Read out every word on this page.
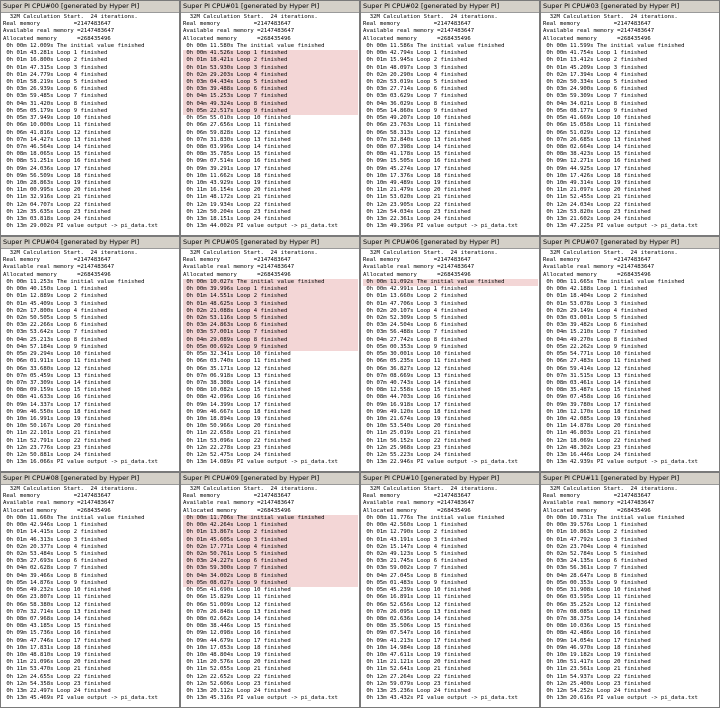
Super PI CPU#00 [generated by Hyper PI]
32M Calculation Start.  24 iterations.
Real memory          =2147483647
Available real memory =2147483647
Allocated memory      =268435496
0h 00m 12.009s The initial value finished
0h 01m 43.281s Loop 1 finished
0h 01m 16.800s Loop 2 finished
0h 01m 47.315s Loop 3 finished
0h 01m 24.779s Loop 4 finished
0h 01m 58.219s Loop 5 finished
0h 03m 26.939s Loop 6 finished
0h 03m 59.485s Loop 7 finished
0h 04m 31.420s Loop 8 finished
0h 05m 05.179s Loop 9 finished
0h 05m 37.949s Loop 10 finished
0h 06m 10.000s Loop 11 finished
0h 06m 41.816s Loop 12 finished
0h 07m 14.427s Loop 13 finished
0h 07m 46.564s Loop 14 finished
0h 08m 18.065s Loop 15 finished
0h 08m 51.251s Loop 16 finished
0h 09m 24.036s Loop 17 finished
0h 09m 56.509s Loop 18 finished
0h 10m 28.863s Loop 19 finished
0h 11m 00.995s Loop 20 finished
0h 11m 32.916s Loop 21 finished
0h 12m 04.707s Loop 22 finished
0h 12m 35.635s Loop 23 finished
0h 13m 03.818s Loop 24 finished
0h 13m 29.002s PI value output -> pi_data.txt
Super PI CPU#01 [generated by Hyper PI]
32M Calculation Start.  24 iterations.
Real memory          =2147483647
Available real memory =2147483647
Allocated memory      =268435496
0h 00m 11.580s The initial value finished
0h 00m 41.526s Loop 1 finished
0h 01m 18.421s Loop 2 finished
0h 01m 53.930s Loop 3 finished
0h 02m 29.203s Loop 4 finished
0h 03m 04.434s Loop 5 finished
0h 03m 39.488s Loop 6 finished
0h 04m 15.253s Loop 7 finished
0h 04m 49.324s Loop 8 finished
0h 05m 22.517s Loop 9 finished
0h 05m 55.010s Loop 10 finished
0h 06m 27.656s Loop 11 finished
0h 06m 59.828s Loop 12 finished
0h 07m 31.830s Loop 13 finished
0h 08m 03.996s Loop 14 finished
0h 08m 35.785s Loop 15 finished
0h 09m 07.514s Loop 16 finished
0h 09m 39.291s Loop 17 finished
0h 10m 11.662s Loop 18 finished
0h 10m 43.929s Loop 19 finished
0h 11m 16.154s Loop 20 finished
0h 11m 48.172s Loop 21 finished
0h 12m 19.934s Loop 22 finished
0h 12m 50.204s Loop 23 finished
0h 13m 18.151s Loop 24 finished
0h 13m 44.002s PI value output -> pi_data.txt
Super PI CPU#02 [generated by Hyper PI]
32M Calculation Start.  24 iterations.
Real memory          =2147483647
Available real memory =2147483647
Allocated memory      =268435496
0h 00m 11.586s The initial value finished
0h 00m 42.794s Loop 1 finished
0h 01m 15.945s Loop 2 finished
0h 01m 48.097s Loop 3 finished
0h 02m 20.290s Loop 4 finished
0h 02m 53.019s Loop 5 finished
0h 03m 27.714s Loop 6 finished
0h 03m 03.629s Loop 7 finished
0h 04m 36.029s Loop 8 finished
0h 05m 14.860s Loop 9 finished
0h 05m 49.207s Loop 10 finished
0h 06m 23.763s Loop 11 finished
0h 06m 58.313s Loop 12 finished
0h 07m 32.840s Loop 13 finished
0h 08m 07.398s Loop 14 finished
0h 08m 41.178s Loop 15 finished
0h 09m 15.505s Loop 16 finished
0h 09m 45.274s Loop 17 finished
0h 10m 17.376s Loop 18 finished
0h 10m 49.489s Loop 19 finished
0h 11m 21.479s Loop 20 finished
0h 11m 53.020s Loop 21 finished
0h 12m 23.905s Loop 22 finished
0h 12m 54.034s Loop 23 finished
0h 13m 22.361s Loop 24 finished
0h 13m 49.396s PI value output -> pi_data.txt
Super PI CPU#03 [generated by Hyper PI]
32M Calculation Start.  24 iterations.
Real memory          =2147483647
Available real memory =2147483647
Allocated memory      =268435496
0h 00m 11.599s The initial value finished
0h 00m 41.754s Loop 1 finished
0h 01m 13.412s Loop 2 finished
0h 01m 45.209s Loop 3 finished
0h 02m 17.394s Loop 4 finished
0h 02m 50.334s Loop 5 finished
0h 03m 24.900s Loop 6 finished
0h 03m 59.309s Loop 7 finished
0h 04m 34.021s Loop 8 finished
0h 05m 08.177s Loop 9 finished
0h 05m 41.669s Loop 10 finished
0h 06m 15.058s Loop 11 finished
0h 06m 51.029s Loop 12 finished
0h 07m 26.685s Loop 13 finished
0h 08m 02.664s Loop 14 finished
0h 08m 38.423s Loop 15 finished
0h 09m 12.271s Loop 16 finished
0h 09m 44.925s Loop 17 finished
0h 10m 17.426s Loop 18 finished
0h 10m 49.314s Loop 19 finished
0h 11m 21.097s Loop 20 finished
0h 11m 52.455s Loop 21 finished
0h 12m 24.034s Loop 22 finished
0h 12m 53.820s Loop 23 finished
0h 13m 21.602s Loop 24 finished
0h 13m 47.225s PI value output -> pi_data.txt
Super PI CPU#04 [generated by Hyper PI]
32M Calculation Start.  24 iterations.
Real memory          =2147483647
Available real memory =2147483647
Allocated memory      =268435496
0h 00m 11.253s The initial value finished
0h 00m 40.150s Loop 1 finished
0h 01m 12.889s Loop 2 finished
0h 01m 45.409s Loop 3 finished
0h 02m 17.800s Loop 4 finished
0h 02m 50.505s Loop 5 finished
0h 03m 22.266s Loop 6 finished
0h 03m 53.642s Loop 7 finished
0h 04m 25.213s Loop 8 finished
0h 04m 57.184s Loop 9 finished
0h 05m 29.294s Loop 10 finished
0h 06m 01.911s Loop 11 finished
0h 06m 33.680s Loop 12 finished
0h 07m 05.459s Loop 13 finished
0h 07m 37.309s Loop 14 finished
0h 08m 09.159s Loop 15 finished
0h 08m 41.633s Loop 16 finished
0h 09m 14.337s Loop 17 finished
0h 09m 46.550s Loop 18 finished
0h 10m 16.991s Loop 19 finished
0h 10m 50.167s Loop 20 finished
0h 11m 22.101s Loop 21 finished
0h 11m 52.791s Loop 22 finished
0h 12m 23.776s Loop 23 finished
0h 12m 50.881s Loop 24 finished
0h 13m 16.066s PI value output -> pi_data.txt
Super PI CPU#05 [generated by Hyper PI]
32M Calculation Start.  24 iterations.
Real memory          =2147483647
Available real memory =2147483647
Allocated memory      =268435496
0h 00m 10.027s The initial value finished
0h 00m 39.996s Loop 1 finished
0h 01m 14.551s Loop 2 finished
0h 01m 48.625s Loop 3 finished
0h 02m 21.088s Loop 4 finished
0h 02m 53.116s Loop 5 finished
0h 03m 24.863s Loop 6 finished
0h 03m 57.001s Loop 7 finished
0h 04m 29.089s Loop 8 finished
0h 05m 00.692s Loop 9 finished
0h 05m 32.341s Loop 10 finished
0h 06m 03.740s Loop 11 finished
0h 06m 35.171s Loop 12 finished
0h 07m 06.918s Loop 13 finished
0h 07m 38.308s Loop 14 finished
0h 08m 10.082s Loop 15 finished
0h 08m 42.096s Loop 16 finished
0h 09m 14.399s Loop 17 finished
0h 09m 46.667s Loop 18 finished
0h 10m 18.894s Loop 19 finished
0h 10m 50.966s Loop 20 finished
0h 11m 22.658s Loop 21 finished
0h 11m 53.096s Loop 22 finished
0h 12m 22.278s Loop 23 finished
0h 12m 52.475s Loop 24 finished
0h 13m 14.089s PI value output -> pi_data.txt
Super PI CPU#06 [generated by Hyper PI]
32M Calculation Start.  24 iterations.
Real memory          =2147483647
Available real memory =2147483647
Allocated memory      =268435496
0h 00m 11.092s The initial value finished
0h 00m 42.991s Loop 1 finished
0h 01m 13.660s Loop 2 finished
0h 01m 47.706s Loop 3 finished
0h 02m 20.107s Loop 4 finished
0h 02m 52.309s Loop 5 finished
0h 03m 24.504s Loop 6 finished
0h 03m 56.488s Loop 7 finished
0h 04m 27.742s Loop 8 finished
0h 05m 00.353s Loop 9 finished
0h 05m 30.001s Loop 10 finished
0h 06m 05.235s Loop 11 finished
0h 06m 36.827s Loop 12 finished
0h 07m 08.669s Loop 13 finished
0h 07m 40.743s Loop 14 finished
0h 08m 12.558s Loop 15 finished
0h 08m 44.703s Loop 16 finished
0h 09m 16.918s Loop 17 finished
0h 09m 49.120s Loop 18 finished
0h 10m 21.674s Loop 19 finished
0h 10m 53.540s Loop 20 finished
0h 11m 25.019s Loop 21 finished
0h 11m 56.152s Loop 22 finished
0h 12m 25.968s Loop 23 finished
0h 12m 55.223s Loop 24 finished
0h 13m 22.946s PI value output -> pi_data.txt
Super PI CPU#07 [generated by Hyper PI]
32M Calculation Start.  24 iterations.
Real memory          =2147483647
Available real memory =2147483647
Allocated memory      =268435496
0h 00m 11.665s The initial value finished
0h 00m 42.188s Loop 1 finished
0h 01m 18.404s Loop 2 finished
0h 01m 53.078s Loop 3 finished
0h 02m 29.149s Loop 4 finished
0h 03m 03.001s Loop 5 finished
0h 03m 39.482s Loop 6 finished
0h 04m 15.210s Loop 7 finished
0h 04m 49.270s Loop 8 finished
0h 05m 22.262s Loop 9 finished
0h 05m 54.771s Loop 10 finished
0h 06m 27.483s Loop 11 finished
0h 06m 59.414s Loop 12 finished
0h 07m 31.515s Loop 13 finished
0h 08m 03.461s Loop 14 finished
0h 08m 35.487s Loop 15 finished
0h 09m 07.458s Loop 16 finished
0h 09m 39.780s Loop 17 finished
0h 10m 12.170s Loop 18 finished
0h 10m 42.085s Loop 19 finished
0h 11m 14.878s Loop 20 finished
0h 11m 46.803s Loop 21 finished
0h 12m 18.069s Loop 22 finished
0h 12m 48.302s Loop 23 finished
0h 13m 16.446s Loop 24 finished
0h 13m 42.939s PI value output -> pi_data.txt
Super PI CPU#08 [generated by Hyper PI]
32M Calculation Start.  24 iterations.
Real memory          =2147483647
Available real memory =2147483647
Allocated memory      =268435496
0h 00m 11.660s The initial value finished
0h 00m 42.946s Loop 1 finished
0h 01m 14.415s Loop 2 finished
0h 01m 46.313s Loop 3 finished
0h 02m 20.377s Loop 4 finished
0h 02m 53.484s Loop 5 finished
0h 03m 27.693s Loop 6 finished
0h 04m 02.628s Loop 7 finished
0h 04m 39.466s Loop 8 finished
0h 05m 14.876s Loop 9 finished
0h 05m 49.232s Loop 10 finished
0h 06m 23.807s Loop 11 finished
0h 06m 58.380s Loop 12 finished
0h 07m 32.714s Loop 13 finished
0h 08m 07.968s Loop 14 finished
0h 08m 43.185s Loop 15 finished
0h 09m 15.736s Loop 16 finished
0h 09m 47.746s Loop 17 finished
0h 10m 17.831s Loop 18 finished
0h 10m 48.810s Loop 19 finished
0h 11m 21.096s Loop 20 finished
0h 11m 53.470s Loop 21 finished
0h 12m 24.655s Loop 22 finished
0h 12m 54.358s Loop 23 finished
0h 13m 22.497s Loop 24 finished
0h 13m 45.469s PI value output -> pi_data.txt
Super PI CPU#09 [generated by Hyper PI]
32M Calculation Start.  24 iterations.
Real memory          =2147483647
Available real memory =2147483647
Allocated memory      =268435496
0h 00m 11.706s The initial value finished
0h 00m 42.264s Loop 1 finished
0h 01m 13.867s Loop 2 finished
0h 01m 45.605s Loop 3 finished
0h 02m 17.771s Loop 4 finished
0h 02m 50.761s Loop 5 finished
0h 03m 24.227s Loop 6 finished
0h 03m 59.300s Loop 7 finished
0h 04m 34.002s Loop 8 finished
0h 05m 08.027s Loop 9 finished
0h 05m 41.690s Loop 10 finished
0h 06m 15.829s Loop 11 finished
0h 06m 51.009s Loop 12 finished
0h 07m 26.848s Loop 13 finished
0h 08m 02.662s Loop 14 finished
0h 08m 38.446s Loop 15 finished
0h 09m 12.098s Loop 16 finished
0h 09m 44.679s Loop 17 finished
0h 10m 17.053s Loop 18 finished
0h 10m 48.804s Loop 19 finished
0h 11m 20.576s Loop 20 finished
0h 11m 52.055s Loop 21 finished
0h 12m 22.652s Loop 22 finished
0h 12m 52.606s Loop 23 finished
0h 13m 20.112s Loop 24 finished
0h 13m 45.316s PI value output -> pi_data.txt
Super PI CPU#10 [generated by Hyper PI]
32M Calculation Start.  24 iterations.
Real memory          =2147483647
Available real memory =2147483647
Allocated memory      =268435496
0h 00m 11.776s The initial value finished
0h 00m 42.560s Loop 1 finished
0h 01m 12.790s Loop 2 finished
0h 01m 43.191s Loop 3 finished
0h 02m 15.147s Loop 4 finished
0h 02m 49.123s Loop 5 finished
0h 03m 21.745s Loop 6 finished
0h 03m 59.002s Loop 7 finished
0h 04m 27.045s Loop 8 finished
0h 05m 01.483s Loop 9 finished
0h 05m 45.239s Loop 10 finished
0h 06m 16.891s Loop 11 finished
0h 06m 52.656s Loop 12 finished
0h 07m 26.095s Loop 13 finished
0h 08m 02.636s Loop 14 finished
0h 08m 35.506s Loop 15 finished
0h 09m 07.547s Loop 16 finished
0h 09m 41.213s Loop 17 finished
0h 10m 14.984s Loop 18 finished
0h 10m 47.611s Loop 19 finished
0h 11m 21.121s Loop 20 finished
0h 11m 52.641s Loop 21 finished
0h 12m 27.264s Loop 22 finished
0h 12m 59.079s Loop 23 finished
0h 13m 25.236s Loop 24 finished
0h 13m 43.432s PI value output -> pi_data.txt
Super PI CPU#11 [generated by Hyper PI]
32M Calculation Start.  24 iterations.
Real memory          =2147483647
Available real memory =2147483647
Allocated memory      =268435496
0h 00m 10.731s The initial value finished
0h 00m 39.576s Loop 1 finished
0h 01m 10.863s Loop 2 finished
0h 01m 47.792s Loop 3 finished
0h 02m 23.704s Loop 4 finished
0h 02m 52.784s Loop 5 finished
0h 03m 24.135s Loop 6 finished
0h 03m 56.361s Loop 7 finished
0h 04m 28.647s Loop 8 finished
0h 05m 00.353s Loop 9 finished
0h 05m 31.908s Loop 10 finished
0h 06m 03.595s Loop 11 finished
0h 06m 35.252s Loop 12 finished
0h 07m 08.085s Loop 13 finished
0h 07m 38.375s Loop 14 finished
0h 08m 10.036s Loop 15 finished
0h 08m 42.486s Loop 16 finished
0h 09m 14.054s Loop 17 finished
0h 09m 46.970s Loop 18 finished
0h 10m 19.182s Loop 19 finished
0h 10m 51.417s Loop 20 finished
0h 11m 23.561s Loop 21 finished
0h 11m 54.937s Loop 22 finished
0h 12m 25.400s Loop 23 finished
0h 12m 54.252s Loop 24 finished
0h 13m 20.616s PI value output -> pi_data.txt
